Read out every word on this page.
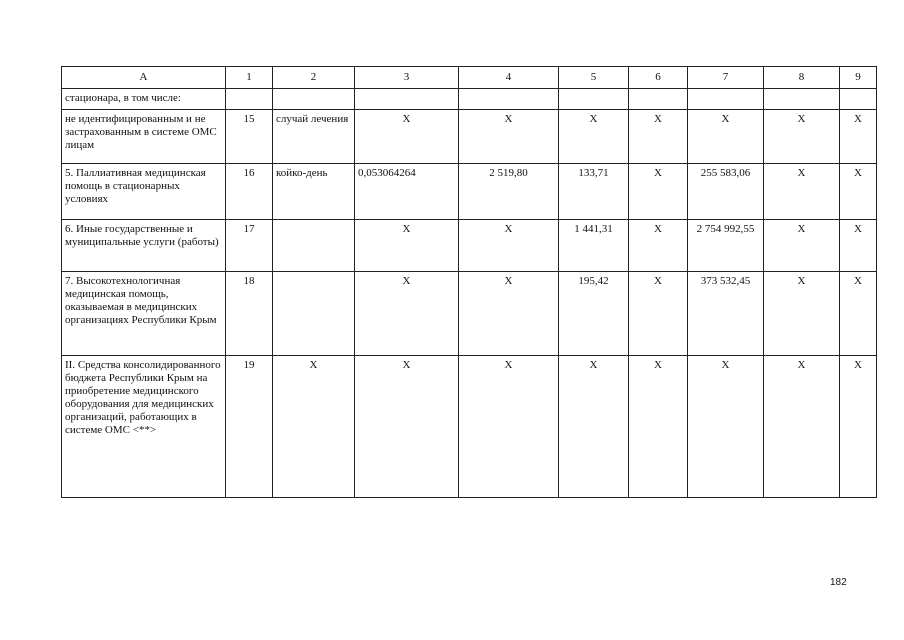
А	1	2	3	4	5	6	7	8	9
стационара, в том числе:									
не идентифицированным и не застрахованным в системе ОМС лицам	15	случай лечения	Х	Х	Х	Х	Х	Х	Х
5. Паллиативная медицинская помощь в стационарных условиях	16	койко-день	0,053064264	2 519,80	133,71	Х	255 583,06	Х	Х
6. Иные государственные и муниципальные услуги (работы)	17		Х	Х	1 441,31	Х	2 754 992,55	Х	Х
7. Высокотехнологичная медицинская помощь, оказываемая в медицинских организациях Республики Крым	18		Х	Х	195,42	Х	373 532,45	Х	Х
II. Средства консолидированного бюджета Республики Крым на приобретение медицинского оборудования для медицинских организаций, работающих в системе ОМС <**>	19	Х	Х	Х	Х	Х	Х	Х	Х
182
